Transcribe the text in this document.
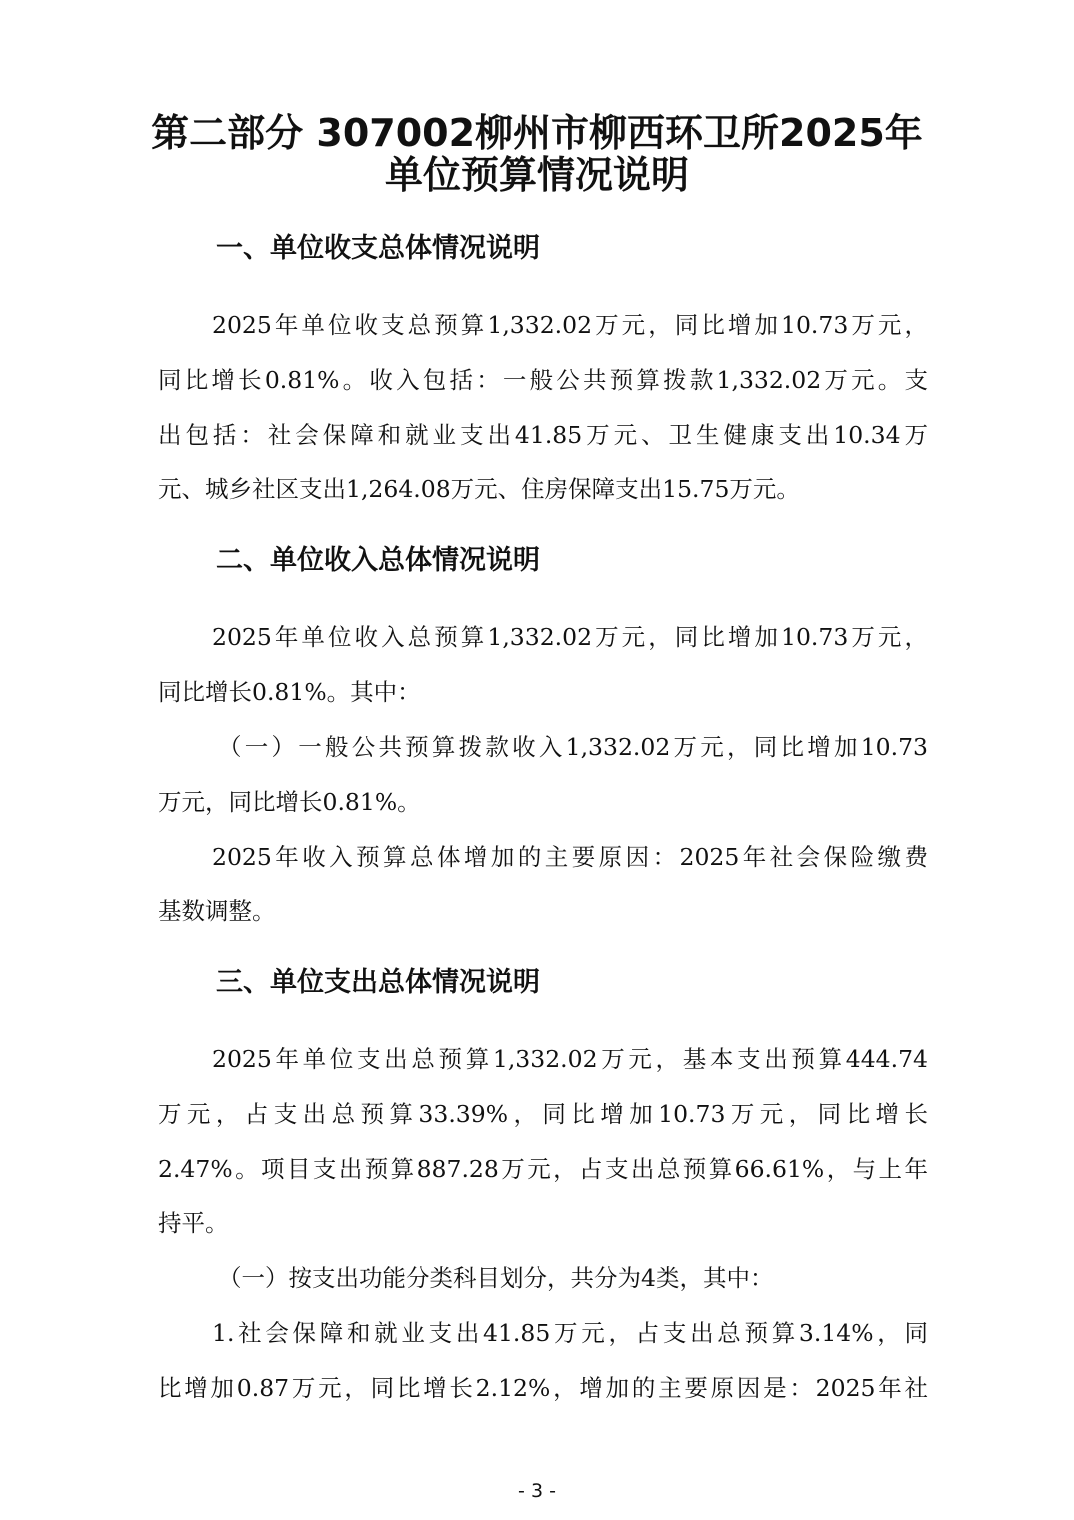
第二部分 307002柳州市柳西环卫所2025年
单位预算情况说明
一、单位收支总体情况说明
2025年单位收支总预算1,332.02万元，同比增加10.73万元，
同比增长0.81%。收入包括：一般公共预算拨款1,332.02万元。支
出包括：社会保障和就业支出41.85万元、卫生健康支出10.34万
元、城乡社区支出1,264.08万元、住房保障支出15.75万元。
二、单位收入总体情况说明
2025年单位收入总预算1,332.02万元，同比增加10.73万元，
同比增长0.81%。其中：
（一）一般公共预算拨款收入1,332.02万元，同比增加10.73
万元，同比增长0.81%。
2025年收入预算总体增加的主要原因：2025年社会保险缴费
基数调整。
三、单位支出总体情况说明
2025年单位支出总预算1,332.02万元，基本支出预算444.74
万元，占支出总预算33.39%，同比增加10.73万元，同比增长
2.47%。项目支出预算887.28万元，占支出总预算66.61%，与上年
持平。
（一）按支出功能分类科目划分，共分为4类，其中：
1.社会保障和就业支出41.85万元，占支出总预算3.14%，同
比增加0.87万元，同比增长2.12%，增加的主要原因是：2025年社
- 3 -
